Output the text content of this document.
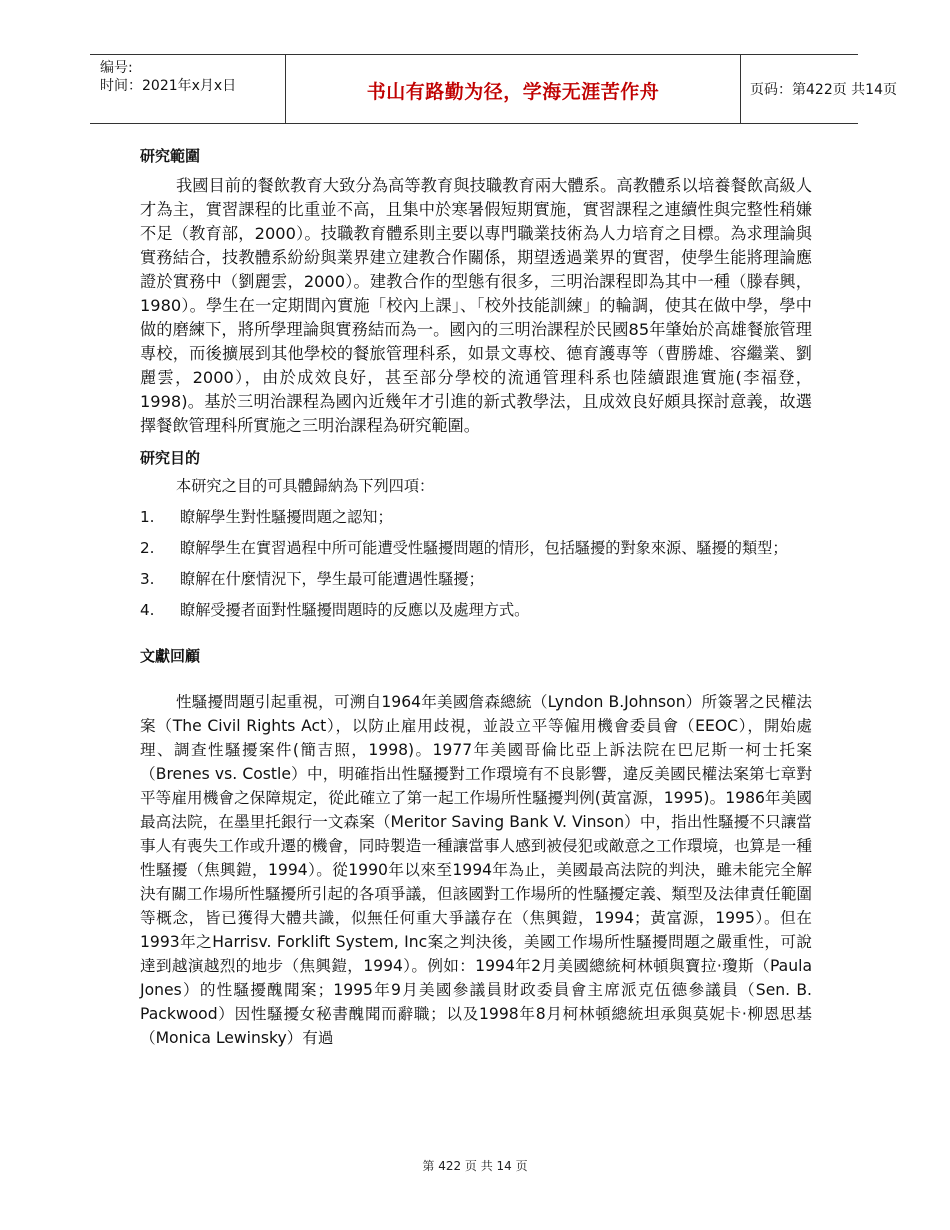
编号:
时间：2021年x月x日	书山有路勤为径，学海无涯苦作舟	页码：第422页 共14页
研究範圍

我國目前的餐飲教育大致分為高等教育與技職教育兩大體系。高教體系以培養餐飲高級人才為主，實習課程的比重並不高，且集中於寒暑假短期實施，實習課程之連續性與完整性稍嫌不足（教育部，2000）。技職教育體系則主要以專門職業技術為人力培育之目標。為求理論與實務結合，技教體系紛紛與業界建立建教合作關係，期望透過業界的實習，使學生能將理論應證於實務中（劉麗雲，2000）。建教合作的型態有很多，三明治課程即為其中一種（滕春興，1980）。學生在一定期間內實施「校內上課」、「校外技能訓練」的輪調，使其在做中學，學中做的磨練下，將所學理論與實務結而為一。國內的三明治課程於民國85年肇始於高雄餐旅管理專校，而後擴展到其他學校的餐旅管理科系，如景文專校、德育護專等（曹勝雄、容繼業、劉麗雲，2000），由於成效良好，甚至部分學校的流通管理科系也陸續跟進實施(李福登，1998)。基於三明治課程為國內近幾年才引進的新式教學法，且成效良好頗具探討意義，故選擇餐飲管理科所實施之三明治課程為研究範圍。

研究目的

本研究之目的可具體歸納為下列四項：

1. 瞭解學生對性騷擾問題之認知；
2. 瞭解學生在實習過程中所可能遭受性騷擾問題的情形，包括騷擾的對象來源、騷擾的類型；
3. 瞭解在什麼情況下，學生最可能遭遇性騷擾；
4. 瞭解受擾者面對性騷擾問題時的反應以及處理方式。
文獻回顧

性騷擾問題引起重視，可溯自1964年美國詹森總統（Lyndon B.Johnson）所簽署之民權法案（The Civil Rights Act），以防止雇用歧視，並設立平等僱用機會委員會（EEOC），開始處理、調查性騷擾案件(簡吉照，1998)。1977年美國哥倫比亞上訴法院在巴尼斯一柯士托案（Brenes vs. Costle）中，明確指出性騷擾對工作環境有不良影響，違反美國民權法案第七章對平等雇用機會之保障規定，從此確立了第一起工作場所性騷擾判例(黃富源，1995)。1986年美國最高法院，在墨里托銀行一文森案（Meritor Saving Bank V. Vinson）中，指出性騷擾不只讓當事人有喪失工作或升遷的機會，同時製造一種讓當事人感到被侵犯或敵意之工作環境，也算是一種性騷擾（焦興鎧，1994）。從1990年以來至1994年為止，美國最高法院的判決，雖未能完全解決有關工作場所性騷擾所引起的各項爭議，但該國對工作場所的性騷擾定義、類型及法律責任範圍等概念，皆已獲得大體共識，似無任何重大爭議存在（焦興鎧，1994；黃富源，1995）。但在1993年之Harrisv. Forklift System, Inc案之判決後，美國工作場所性騷擾問題之嚴重性，可說達到越演越烈的地步（焦興鎧，1994）。例如：1994年2月美國總統柯林頓與寶拉·瓊斯（Paula Jones）的性騷擾醜聞案；1995年9月美國參議員財政委員會主席派克伍德參議員（Sen. B. Packwood）因性騷擾女秘書醜聞而辭職；以及1998年8月柯林頓總統坦承與莫妮卡·柳恩思基（Monica Lewinsky）有過

第 422 页 共 14 页
